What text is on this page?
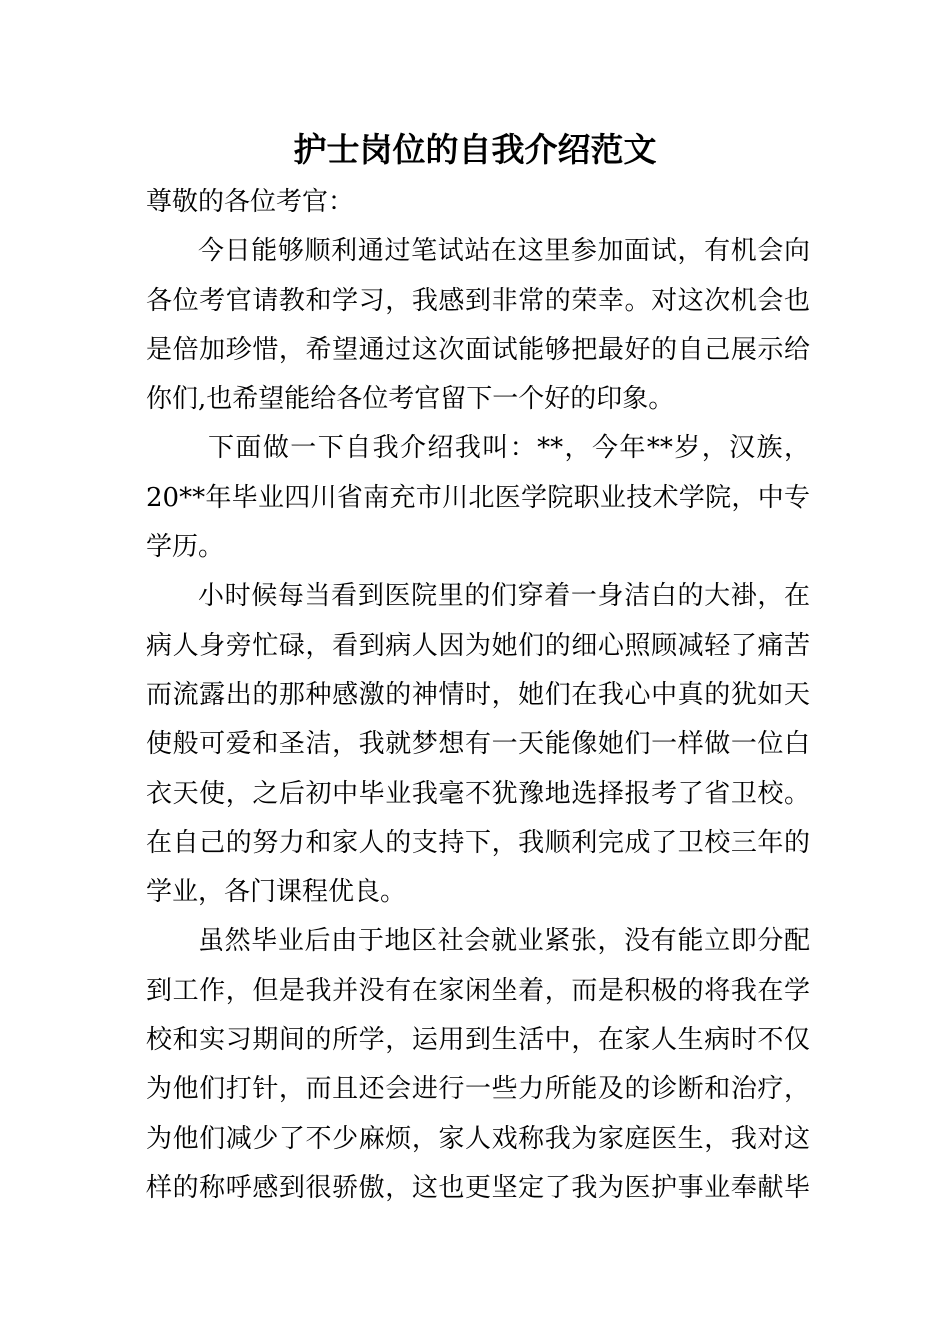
护士岗位的自我介绍范文

尊敬的各位考官：

今日能够顺利通过笔试站在这里参加面试，有机会向
各位考官请教和学习，我感到非常的荣幸。对这次机会也
是倍加珍惜，希望通过这次面试能够把最好的自己展示给
你们,也希望能给各位考官留下一个好的印象。

下面做一下自我介绍我叫：**，今年**岁，汉族，
20**年毕业四川省南充市川北医学院职业技术学院，中专
学历。

小时候每当看到医院里的们穿着一身洁白的大褂，在
病人身旁忙碌，看到病人因为她们的细心照顾减轻了痛苦
而流露出的那种感激的神情时，她们在我心中真的犹如天
使般可爱和圣洁，我就梦想有一天能像她们一样做一位白
衣天使，之后初中毕业我毫不犹豫地选择报考了省卫校。
在自己的努力和家人的支持下，我顺利完成了卫校三年的
学业，各门课程优良。

虽然毕业后由于地区社会就业紧张，没有能立即分配
到工作，但是我并没有在家闲坐着，而是积极的将我在学
校和实习期间的所学，运用到生活中，在家人生病时不仅
为他们打针，而且还会进行一些力所能及的诊断和治疗，
为他们减少了不少麻烦，家人戏称我为家庭医生，我对这
样的称呼感到很骄傲，这也更坚定了我为医护事业奉献毕
